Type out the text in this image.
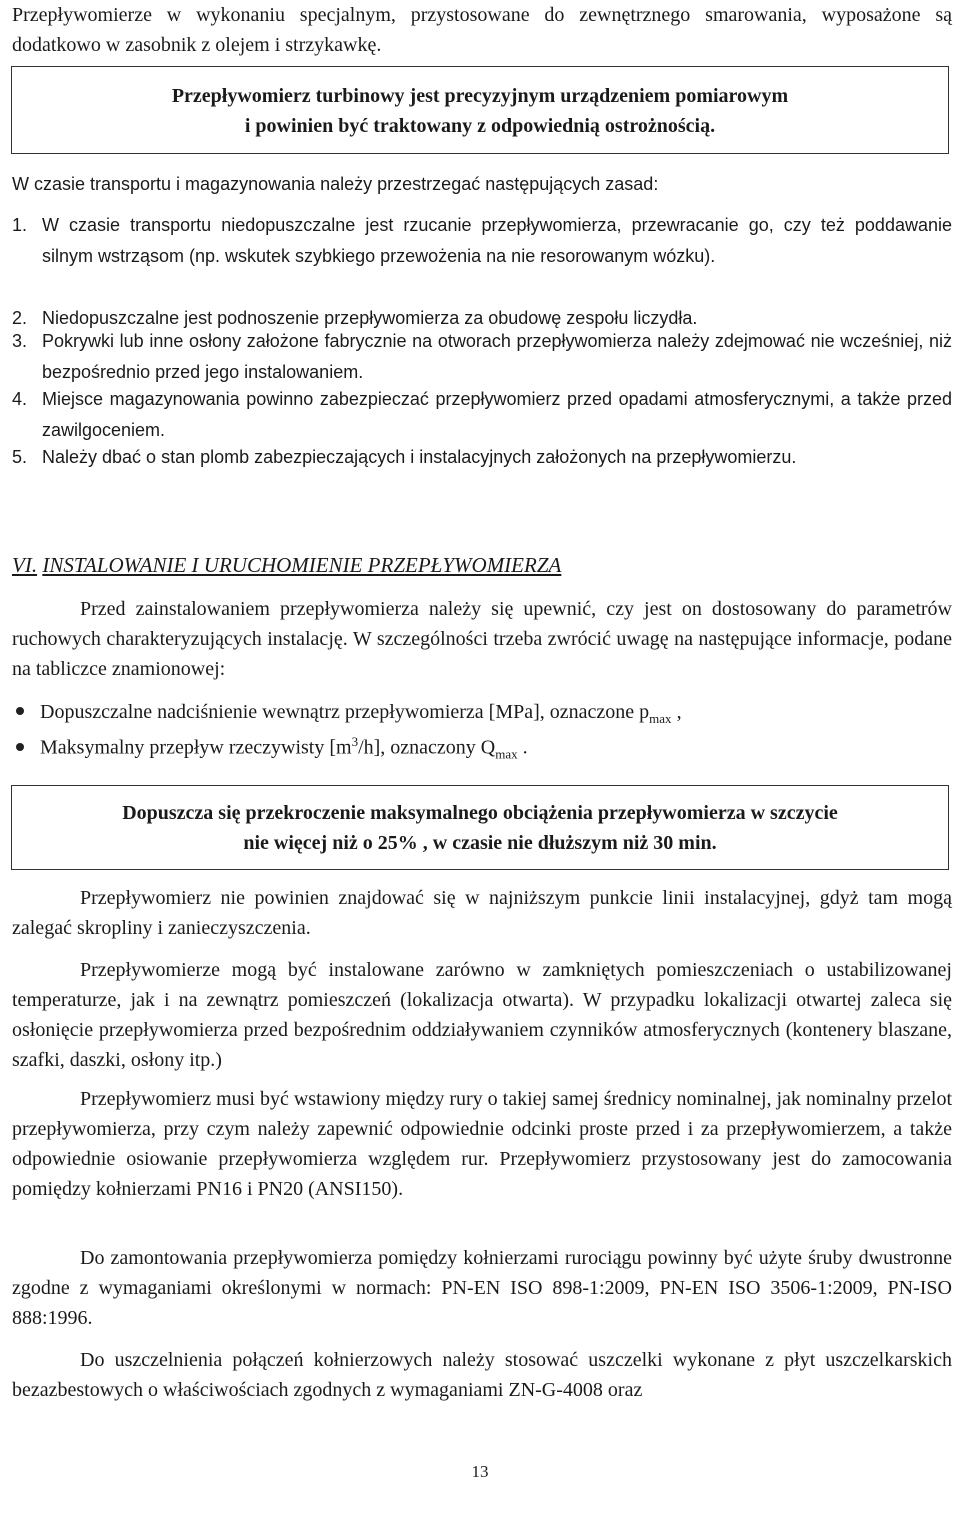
Przepływomierze w wykonaniu specjalnym, przystosowane do zewnętrznego smarowania, wyposażone są dodatkowo w zasobnik z olejem i strzykawkę.
Przepływomierz turbinowy jest precyzyjnym urządzeniem pomiarowym
i powinien być traktowany z odpowiednią ostrożnością.
W czasie transportu i magazynowania należy przestrzegać następujących zasad:
1. W czasie transportu niedopuszczalne jest rzucanie przepływomierza, przewracanie go, czy też poddawanie silnym wstrząsom (np. wskutek szybkiego przewożenia na nie resorowanym wózku).
2. Niedopuszczalne jest podnoszenie przepływomierza za obudowę zespołu liczydła.
3. Pokrywki lub inne osłony założone fabrycznie na otworach przepływomierza należy zdejmować nie wcześniej, niż bezpośrednio przed jego instalowaniem.
4. Miejsce magazynowania powinno zabezpieczać przepływomierz przed opadami atmosferycznymi, a także przed zawilgoceniem.
5. Należy dbać o stan plomb zabezpieczających i instalacyjnych założonych na przepływomierzu.
VI. INSTALOWANIE I URUCHOMIENIE PRZEPŁYWOMIERZA
Przed zainstalowaniem przepływomierza należy się upewnić, czy jest on dostosowany do parametrów ruchowych charakteryzujących instalację. W szczególności trzeba zwrócić uwagę na następujące informacje, podane na tabliczce znamionowej:
Dopuszczalne nadciśnienie wewnątrz przepływomierza [MPa], oznaczone $p_{max}$ ,
Maksymalny przepływ rzeczywisty $[m^3/h]$, oznaczony $Q_{max}$ .
Dopuszcza się przekroczenie maksymalnego obciążenia przepływomierza w szczycie
nie więcej niż o 25% , w czasie nie dłuższym niż 30 min.
Przepływomierz nie powinien znajdować się w najniższym punkcie linii instalacyjnej, gdyż tam mogą zalegać skropliny i zanieczyszczenia.
Przepływomierze mogą być instalowane zarówno w zamkniętych pomieszczeniach o ustabilizowanej temperaturze, jak i na zewnątrz pomieszczeń (lokalizacja otwarta). W przypadku lokalizacji otwartej zaleca się osłonięcie przepływomierza przed bezpośrednim oddziaływaniem czynników atmosferycznych (kontenery blaszane, szafki, daszki, osłony itp.)
Przepływomierz musi być wstawiony między rury o takiej samej średnicy nominalnej, jak nominalny przelot przepływomierza, przy czym należy zapewnić odpowiednie odcinki proste przed i za przepływomierzem, a także odpowiednie osiowanie przepływomierza względem rur. Przepływomierz przystosowany jest do zamocowania pomiędzy kołnierzami PN16 i PN20 (ANSI150).
Do zamontowania przepływomierza pomiędzy kołnierzami rurociągu powinny być użyte śruby dwustronne zgodne z wymaganiami określonymi w normach: PN-EN ISO 898-1:2009, PN-EN ISO 3506-1:2009, PN-ISO 888:1996.
Do uszczelnienia połączeń kołnierzowych należy stosować uszczelki wykonane z płyt uszczelkarskich bezazbestowych o właściwościach zgodnych z wymaganiami ZN-G-4008 oraz
13
